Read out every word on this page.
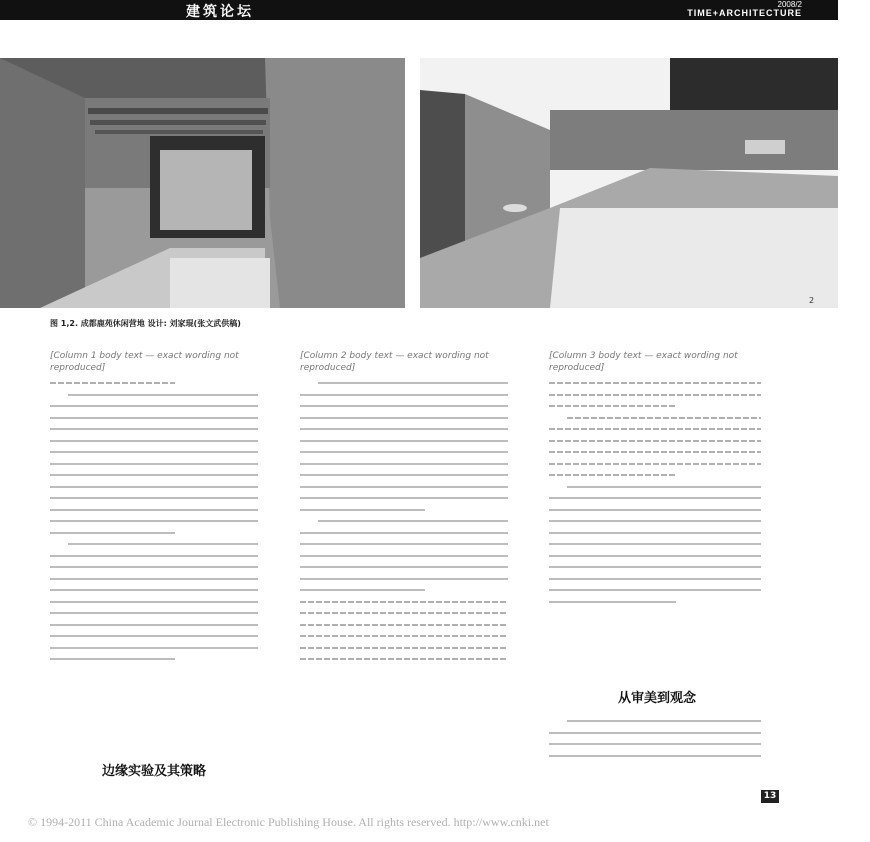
建筑论坛	2008/2
TIME+ARCHITECTURE
图 1,2. 成都鹿苑休闲营地 设计: 刘家琨(张文武供稿)
2
[Column 1 body text — exact wording not reproduced]
边缘实验及其策略
[Column 2 body text — exact wording not reproduced]
[Column 3 body text — exact wording not reproduced]
从审美到观念
13
© 1994-2011 China Academic Journal Electronic Publishing House. All rights reserved. http://www.cnki.net
